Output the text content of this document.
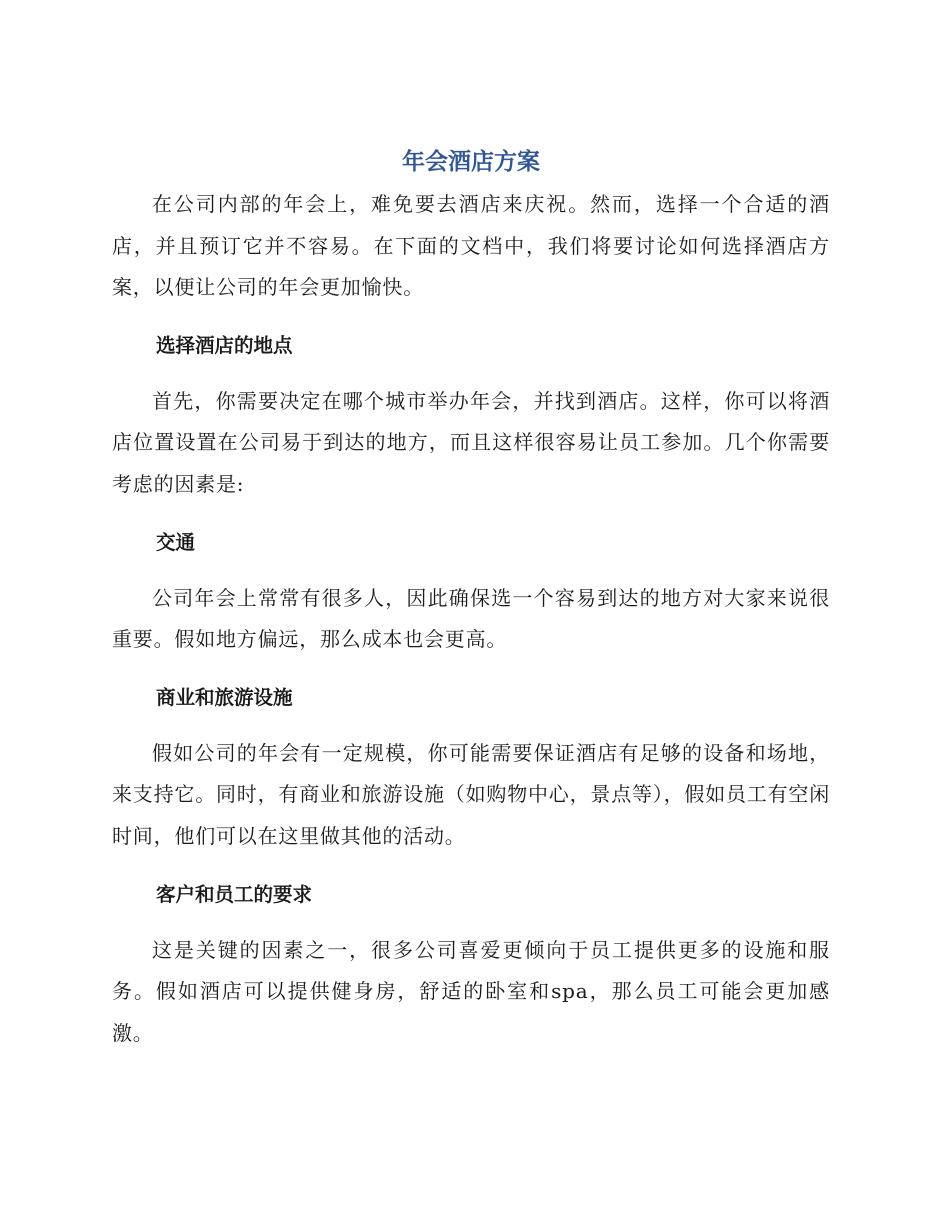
年会酒店方案

在公司内部的年会上，难免要去酒店来庆祝。然而，选择一个合适的酒店，并且预订它并不容易。在下面的文档中，我们将要讨论如何选择酒店方案，以便让公司的年会更加愉快。

选择酒店的地点

首先，你需要决定在哪个城市举办年会，并找到酒店。这样，你可以将酒店位置设置在公司易于到达的地方，而且这样很容易让员工参加。几个你需要考虑的因素是:

交通

公司年会上常常有很多人，因此确保选一个容易到达的地方对大家来说很重要。假如地方偏远，那么成本也会更高。

商业和旅游设施

假如公司的年会有一定规模，你可能需要保证酒店有足够的设备和场地，来支持它。同时，有商业和旅游设施（如购物中心，景点等），假如员工有空闲时间，他们可以在这里做其他的活动。

客户和员工的要求

这是关键的因素之一，很多公司喜爱更倾向于员工提供更多的设施和服务。假如酒店可以提供健身房，舒适的卧室和spa，那么员工可能会更加感激。
